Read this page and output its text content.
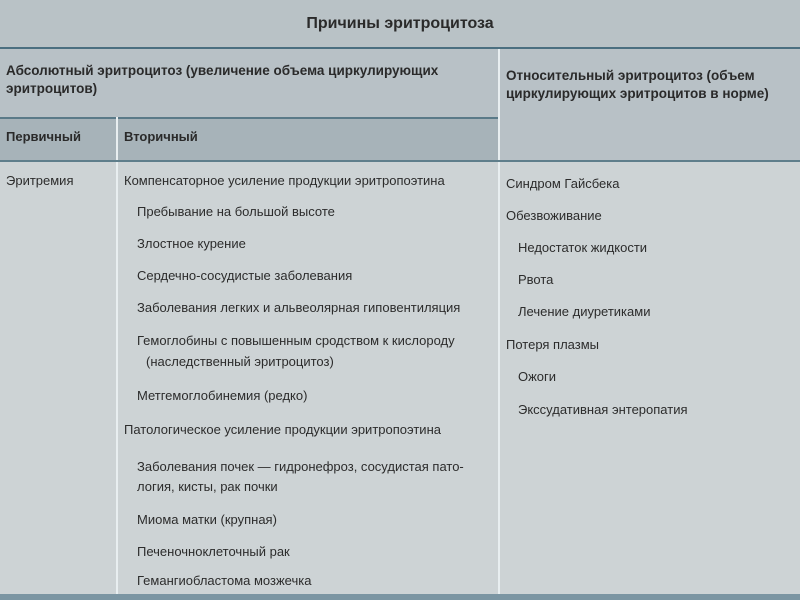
Причины эритроцитоза
Абсолютный эритроцитоз (увеличение объема циркулирующих эритроцитов)
Относительный эритроцитоз (объем циркулирующих эритроцитов в норме)
Первичный	Вторичный
Эритремия	Компенсаторное усиление продукции эритропоэтина
Пребывание на большой высоте
Злостное курение
Сердечно-сосудистые заболевания
Заболевания легких и альвеолярная гиповентиляция
Гемоглобины с повышенным сродством к кислороду
(наследственный эритроцитоз)
Метгемоглобинемия (редко)
Патологическое усиление продукции эритропоэтина
Заболевания почек — гидронефроз, сосудистая пато-
логия, кисты, рак почки
Миома матки (крупная)
Печеночноклеточный рак
Гемангиобластома мозжечка
Синдром Гайсбека
Обезвоживание
Недостаток жидкости
Рвота
Лечение диуретиками
Потеря плазмы
Ожоги
Экссудативная энтеропатия
